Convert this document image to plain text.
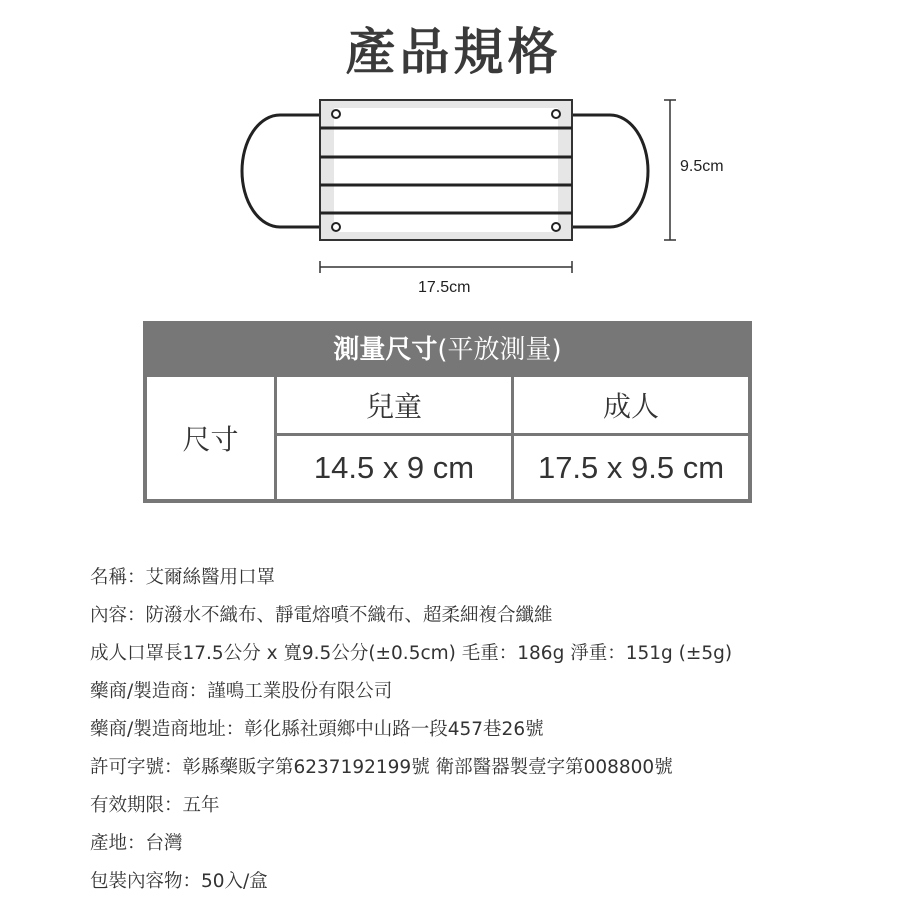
產品規格
9.5cm
17.5cm
測量尺寸 (平放測量)
尺寸
兒童	成人
14.5 x 9 cm	17.5 x 9.5 cm
名稱：艾爾絲醫用口罩
內容：防潑水不織布、靜電熔噴不織布、超柔細複合纖維
成人口罩長17.5公分 x 寬9.5公分(±0.5cm) 毛重：186g 淨重：151g (±5g)
藥商/製造商：謹鳴工業股份有限公司
藥商/製造商地址：彰化縣社頭鄉中山路一段457巷26號
許可字號：彰縣藥販字第6237192199號 衛部醫器製壹字第008800號
有效期限：五年
產地：台灣
包裝內容物：50入/盒
